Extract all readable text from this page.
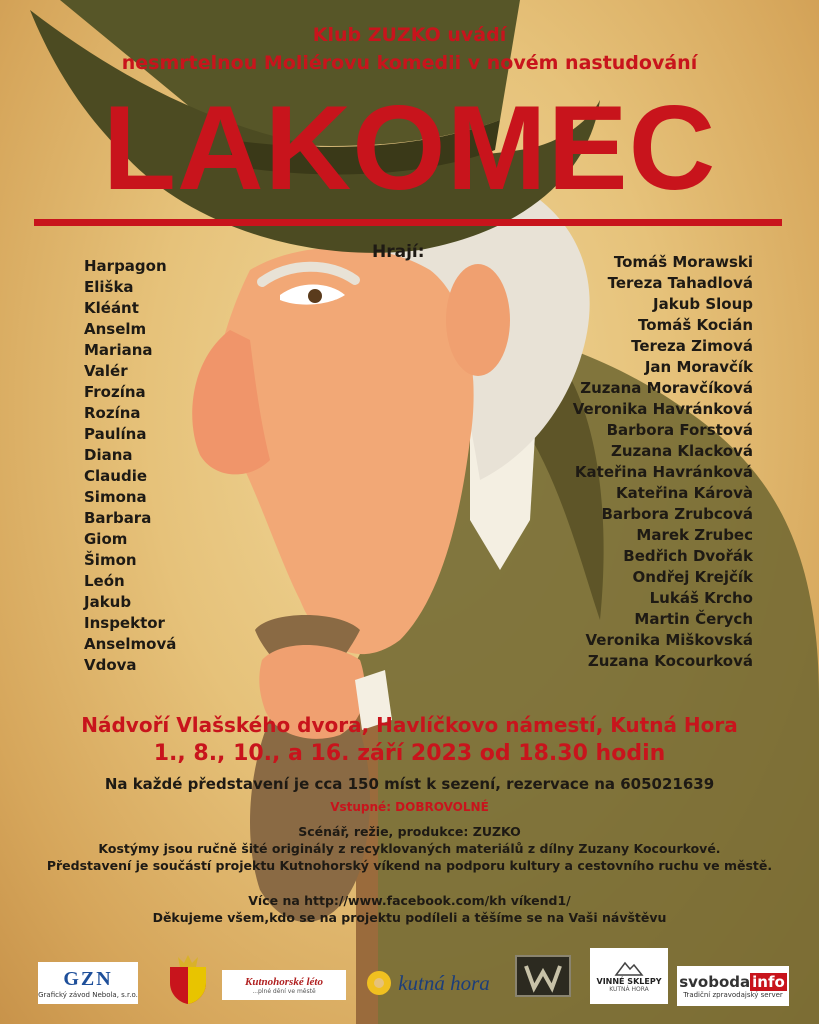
Klub ZUZKO uvádí
nesmrtelnou Moliérovu komedii v novém nastudování
LAKOMEC
Hrají:
Harpagon
Eliška
Kléánt
Anselm
Mariana
Valér
Frozína
Rozína
Paulína
Diana
Claudie
Simona
Barbara
Giom
Šimon
León
Jakub
Inspektor
Anselmová
Vdova
Tomáš Morawski
Tereza Tahadlová
Jakub Sloup
Tomáš Kocián
Tereza Zimová
Jan Moravčík
Zuzana Moravčíková
Veronika Havránková
Barbora Forstová
Zuzana Klacková
Kateřina Havránková
Kateřina Károvà
Barbora Zrubcová
Marek Zrubec
Bedřich Dvořák
Ondřej Krejčík
Lukáš Krcho
Martin Čerych
Veronika Miškovská
Zuzana Kocourková
Nádvoří Vlašského dvora, Havlíčkovo námestí, Kutná Hora
1., 8., 10., a 16. září 2023 od 18.30 hodin
Na každé představení je cca 150 míst k sezení, rezervace na 605021639
Vstupné: DOBROVOLNÉ
Scénář, režie, produkce: ZUZKO
Kostýmy jsou ručně šité originály z recyklovaných materiálů z dílny Zuzany Kocourkové.
Představení je součástí projektu Kutnohorský víkend na podporu kultury a cestovního ruchu ve městě.
Více na http://www.facebook.com/kh víkend1/
Děkujeme všem,kdo se na projektu podíleli a těšíme se na Vaši návštěvu
GZN
Grafický závod Nebola, s.r.o.
Kutnohorské léto
...plné dění ve městě	kutná hora	VINNÉ SKLEPY
KUTNÁ HORA svoboda info
Tradiční zpravodajský server
